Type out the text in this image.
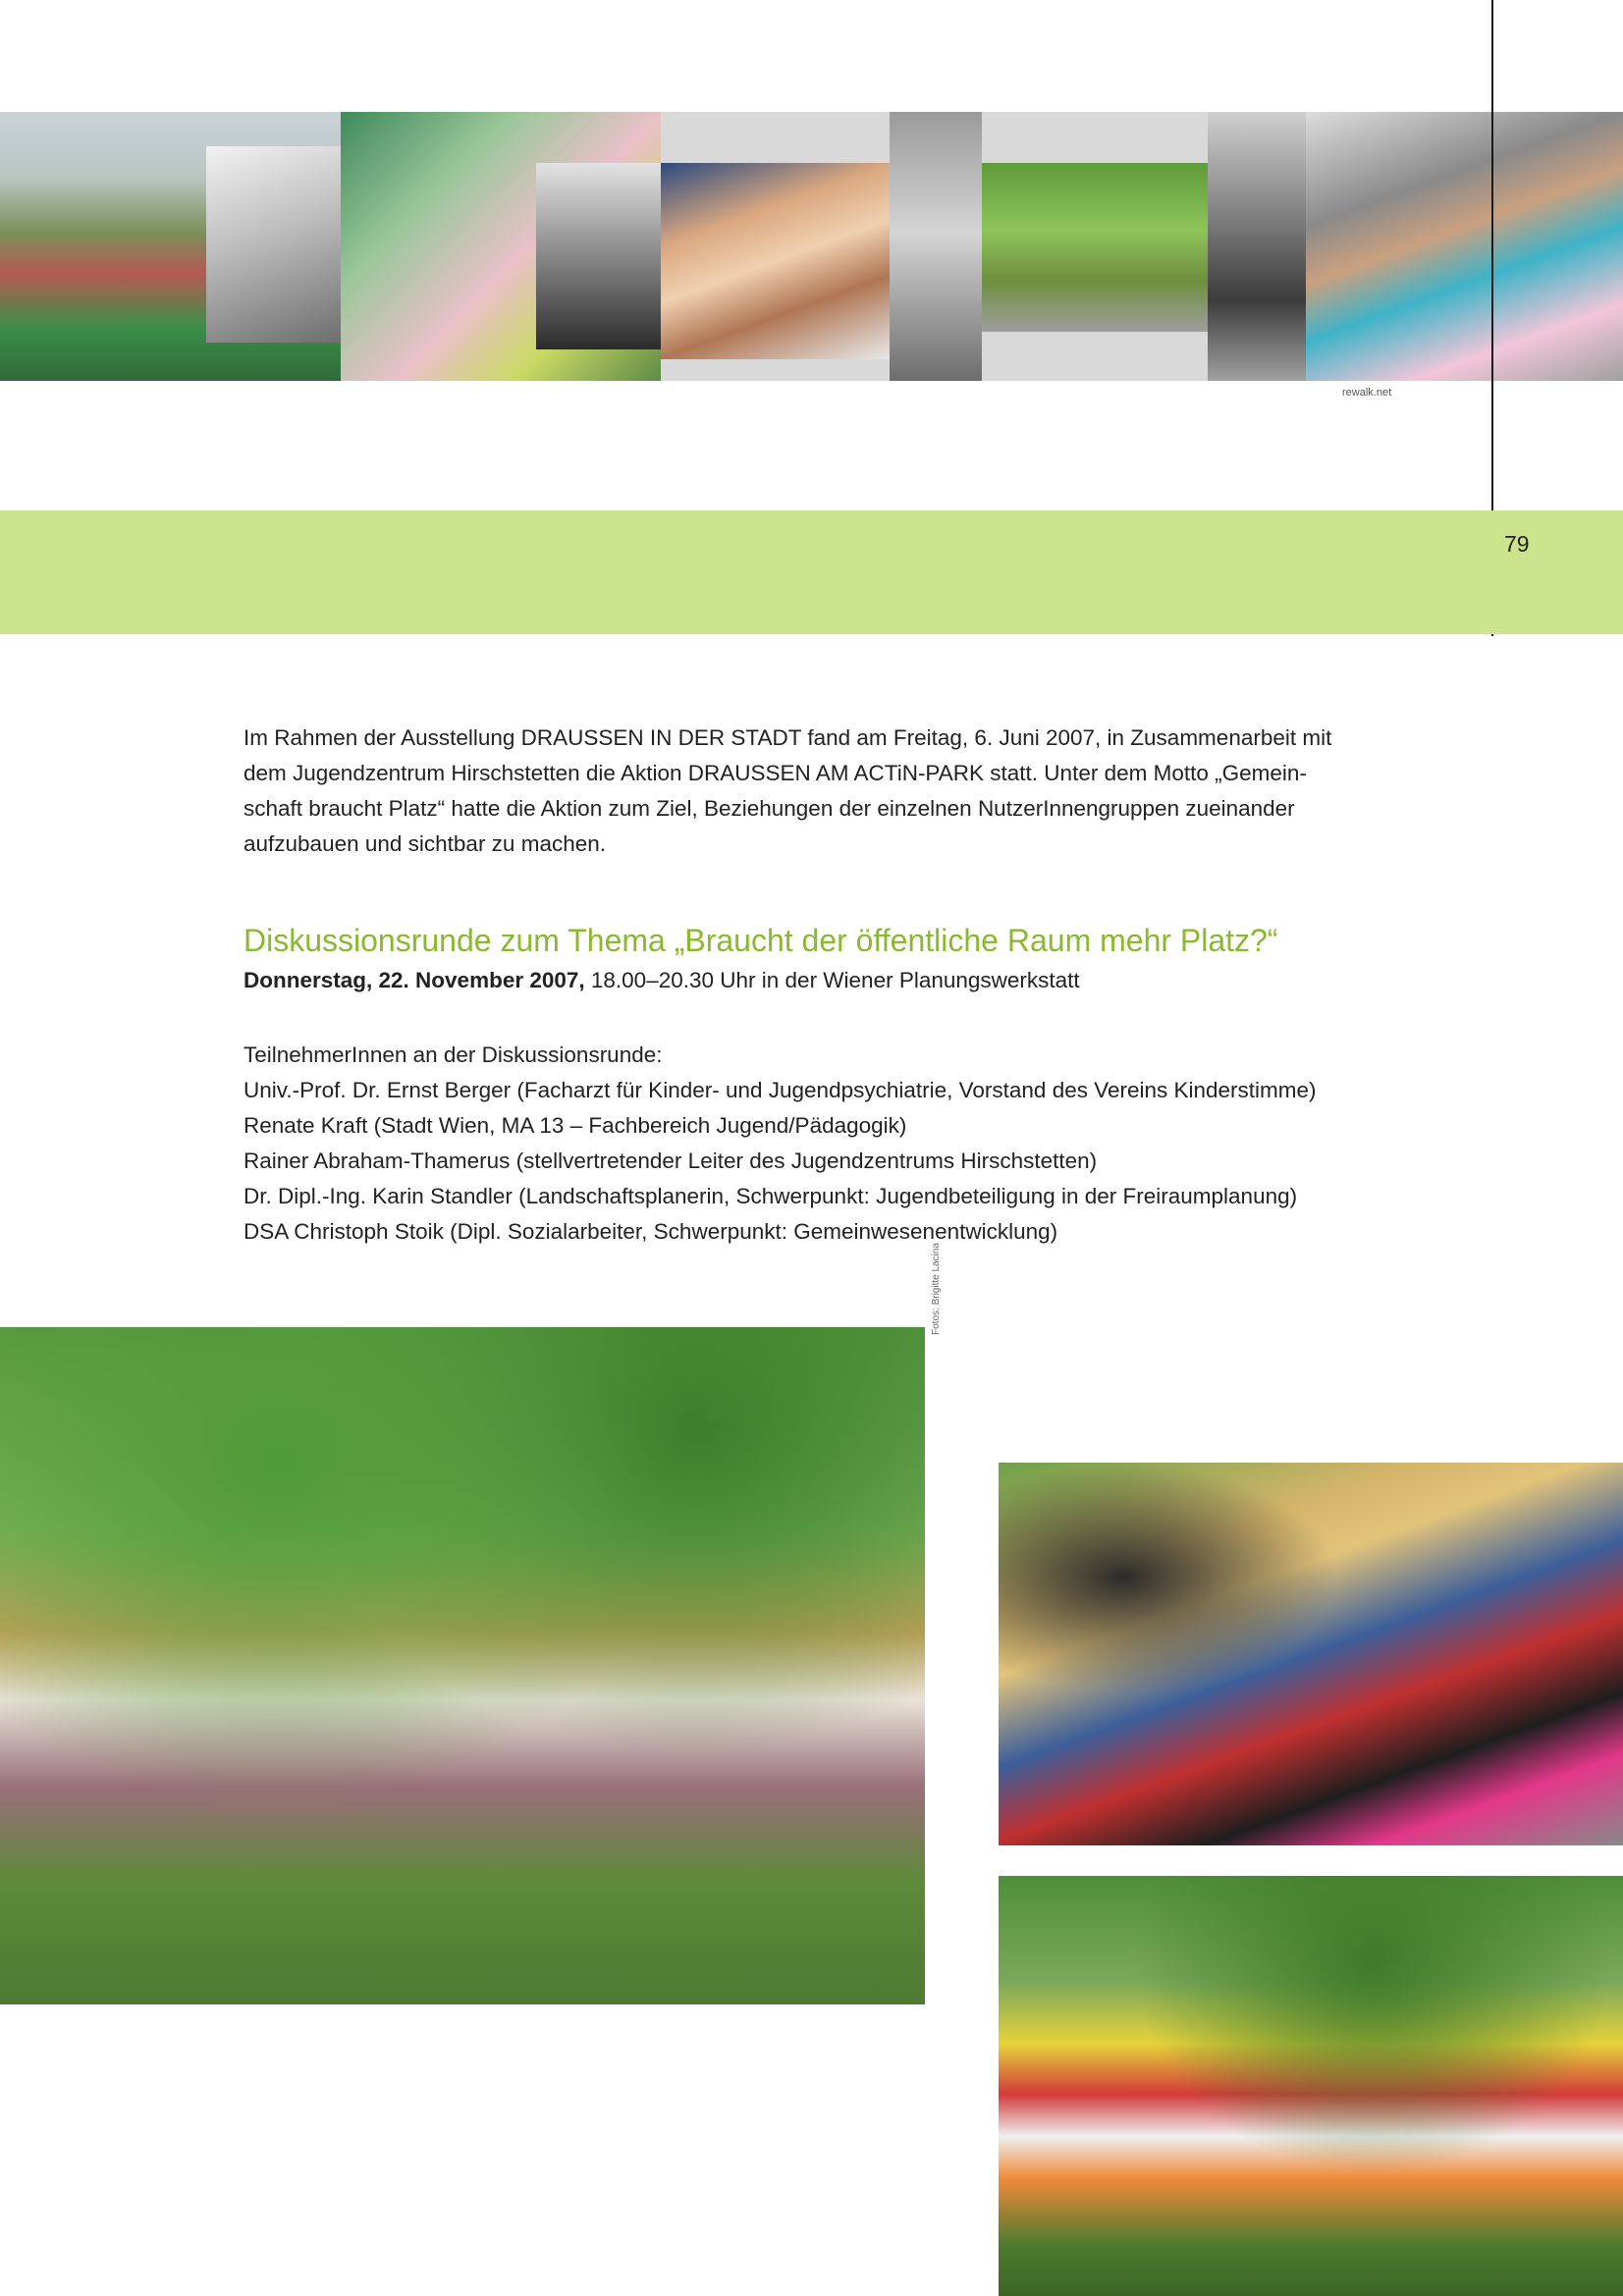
rewalk.net
79

Im Rahmen der Ausstellung DRAUSSEN IN DER STADT fand am Freitag, 6. Juni 2007, in Zusammenarbeit mit

dem Jugendzentrum Hirschstetten die Aktion DRAUSSEN AM ACTiN-PARK statt. Unter dem Motto „Gemein-

schaft braucht Platz“ hatte die Aktion zum Ziel, Beziehungen der einzelnen NutzerInnengruppen zueinander

aufzubauen und sichtbar zu machen.

Diskussionsrunde zum Thema „Braucht der öffentliche Raum mehr Platz?“
Donnerstag, 22. November 2007, 18.00–20.30 Uhr in der Wiener Planungswerkstatt
TeilnehmerInnen an der Diskussionsrunde:
Univ.-Prof. Dr. Ernst Berger (Facharzt für Kinder- und Jugendpsychiatrie, Vorstand des Vereins Kinderstimme)
Renate Kraft (Stadt Wien, MA 13 – Fachbereich Jugend/Pädagogik)
Rainer Abraham-Thamerus (stellvertretender Leiter des Jugendzentrums Hirschstetten)
Dr. Dipl.-Ing. Karin Standler (Landschaftsplanerin, Schwerpunkt: Jugendbeteiligung in der Freiraumplanung)
DSA Christoph Stoik (Dipl. Sozialarbeiter, Schwerpunkt: Gemeinwesenentwicklung)
Fotos: Brigitte Lacina
